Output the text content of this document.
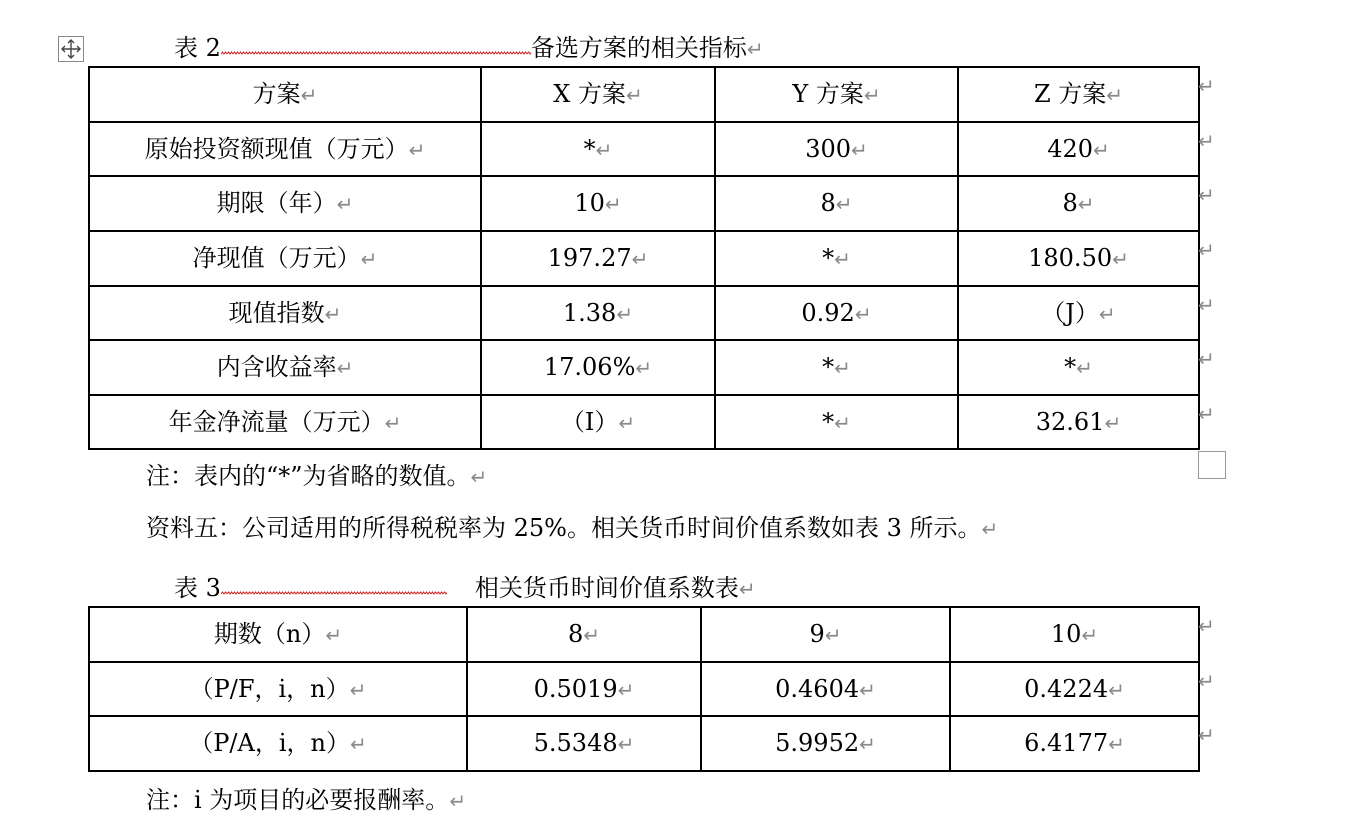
表 2	备选方案的相关指标↵
方案↵	X 方案↵	Y 方案↵	Z 方案↵
原始投资额现值（万元）↵	*↵	300↵	420↵
期限（年）↵	10↵	8↵	8↵
净现值（万元）↵	197.27↵	*↵	180.50↵
现值指数↵	1.38↵	0.92↵	（J）↵
内含收益率↵	17.06%↵	*↵	*↵
年金净流量（万元）↵	（I）↵	*↵	32.61↵
↵
↵
↵
↵
↵
↵
↵
注：表内的“*”为省略的数值。↵
资料五：公司适用的所得税税率为 25%。相关货币时间价值系数如表 3 所示。↵
表 3	相关货币时间价值系数表↵
期数（n）↵	8↵	9↵	10↵
（P/F，i，n）↵	0.5019↵	0.4604↵	0.4224↵
（P/A，i，n）↵	5.5348↵	5.9952↵	6.4177↵
↵
↵
↵
注：i 为项目的必要报酬率。↵
